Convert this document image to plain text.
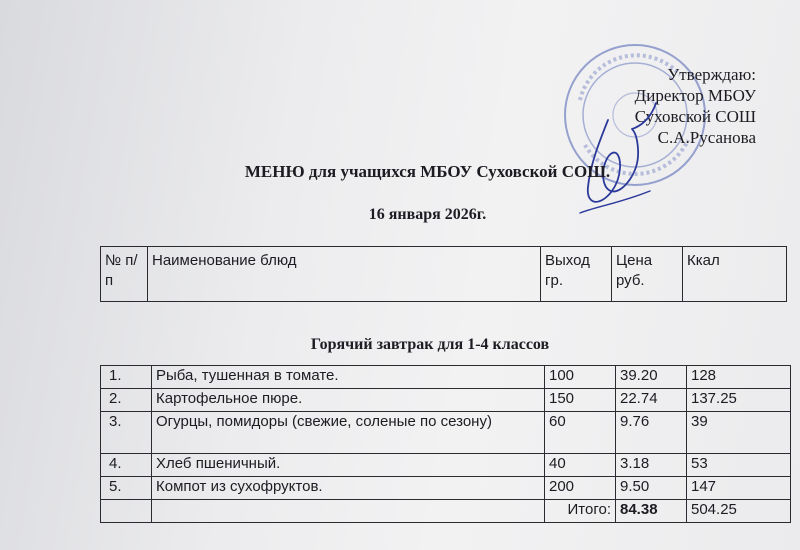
Утверждаю:
Директор МБОУ
Суховской СОШ
С.А.Русанова
МЕНЮ для учащихся МБОУ Суховской СОШ.
16 января 2026г.
№ п/п	Наименование блюд	Выход гр.	Цена руб.	Ккал
Горячий завтрак для 1-4 классов
1.	Рыба, тушенная в томате.	100	39.20	128
2.	Картофельное пюре.	150	22.74	137.25
3.	Огурцы, помидоры (свежие, соленые по сезону)	60	9.76	39
4.	Хлеб пшеничный.	40	3.18	53
5.	Компот из сухофруктов.	200	9.50	147
		Итого:	84.38	504.25
